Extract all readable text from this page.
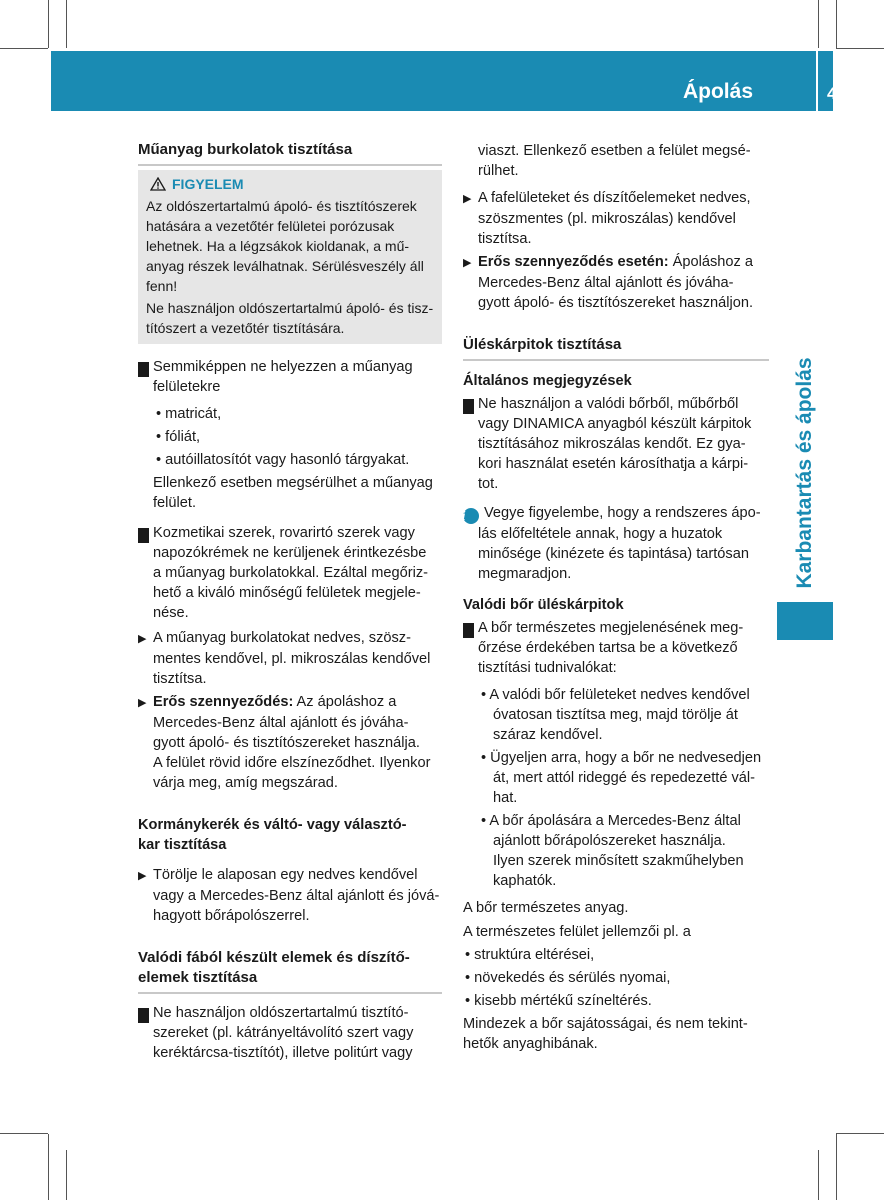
Ápolás	405
Karbantartás és ápolás

Műanyag burkolatok tisztítása

FIGYELEM

Az oldószertartalmú ápoló- és tisztítószerek
hatására a vezetőtér felületei porózusak
lehetnek. Ha a légzsákok kioldanak, a mű-
anyag részek leválhatnak. Sérülésveszély áll
fenn!

Ne használjon oldószertartalmú ápoló- és tisz-
títószert a vezetőtér tisztítására.

! Semmiképpen ne helyezzen a műanyag
felületekre

• matricát,

• fóliát,

• autóillatosítót vagy hasonló tárgyakat.

Ellenkező esetben megsérülhet a műanyag
felület.

! Kozmetikai szerek, rovarirtó szerek vagy
napozókrémek ne kerüljenek érintkezésbe
a műanyag burkolatokkal. Ezáltal megőriz-
hető a kiváló minőségű felületek megjele-
nése.

▶ A műanyag burkolatokat nedves, szösz-
mentes kendővel, pl. mikroszálas kendővel
tisztítsa.

▶ Erős szennyeződés: Az ápoláshoz a
Mercedes-Benz által ajánlott és jóváha-
gyott ápoló- és tisztítószereket használja.
A felület rövid időre elszíneződhet. Ilyenkor
várja meg, amíg megszárad.

Kormánykerék és váltó- vagy választó-
kar tisztítása

▶ Törölje le alaposan egy nedves kendővel
vagy a Mercedes-Benz által ajánlott és jóvá-
hagyott bőrápolószerrel.

Valódi fából készült elemek és díszítő-
elemek tisztítása

! Ne használjon oldószertartalmú tisztító-
szereket (pl. kátrányeltávolító szert vagy
keréktárcsa-tisztítót), illetve politúrt vagy

viaszt. Ellenkező esetben a felület megsé-
rülhet.

▶ A fafelületeket és díszítőelemeket nedves,
szöszmentes (pl. mikroszálas) kendővel
tisztítsa.

▶ Erős szennyeződés esetén: Ápoláshoz a
Mercedes-Benz által ajánlott és jóváha-
gyott ápoló- és tisztítószereket használjon.

Üléskárpitok tisztítása

Általános megjegyzések

! Ne használjon a valódi bőrből, műbőrből
vagy DINAMICA anyagból készült kárpitok
tisztításához mikroszálas kendőt. Ez gya-
kori használat esetén károsíthatja a kárpi-
tot.

i Vegye figyelembe, hogy a rendszeres ápo-
lás előfeltétele annak, hogy a huzatok
minősége (kinézete és tapintása) tartósan
megmaradjon.

Valódi bőr üléskárpitok

! A bőr természetes megjelenésének meg-
őrzése érdekében tartsa be a következő
tisztítási tudnivalókat:

• A valódi bőr felületeket nedves kendővel
óvatosan tisztítsa meg, majd törölje át
száraz kendővel.

• Ügyeljen arra, hogy a bőr ne nedvesedjen
át, mert attól rideggé és repedezetté vál-
hat.

• A bőr ápolására a Mercedes-Benz által
ajánlott bőrápolószereket használja.
Ilyen szerek minősített szakműhelyben
kaphatók.

A bőr természetes anyag.

A természetes felület jellemzői pl. a

• struktúra eltérései,

• növekedés és sérülés nyomai,

• kisebb mértékű színeltérés.

Mindezek a bőr sajátosságai, és nem tekint-
hetők anyaghibának.
